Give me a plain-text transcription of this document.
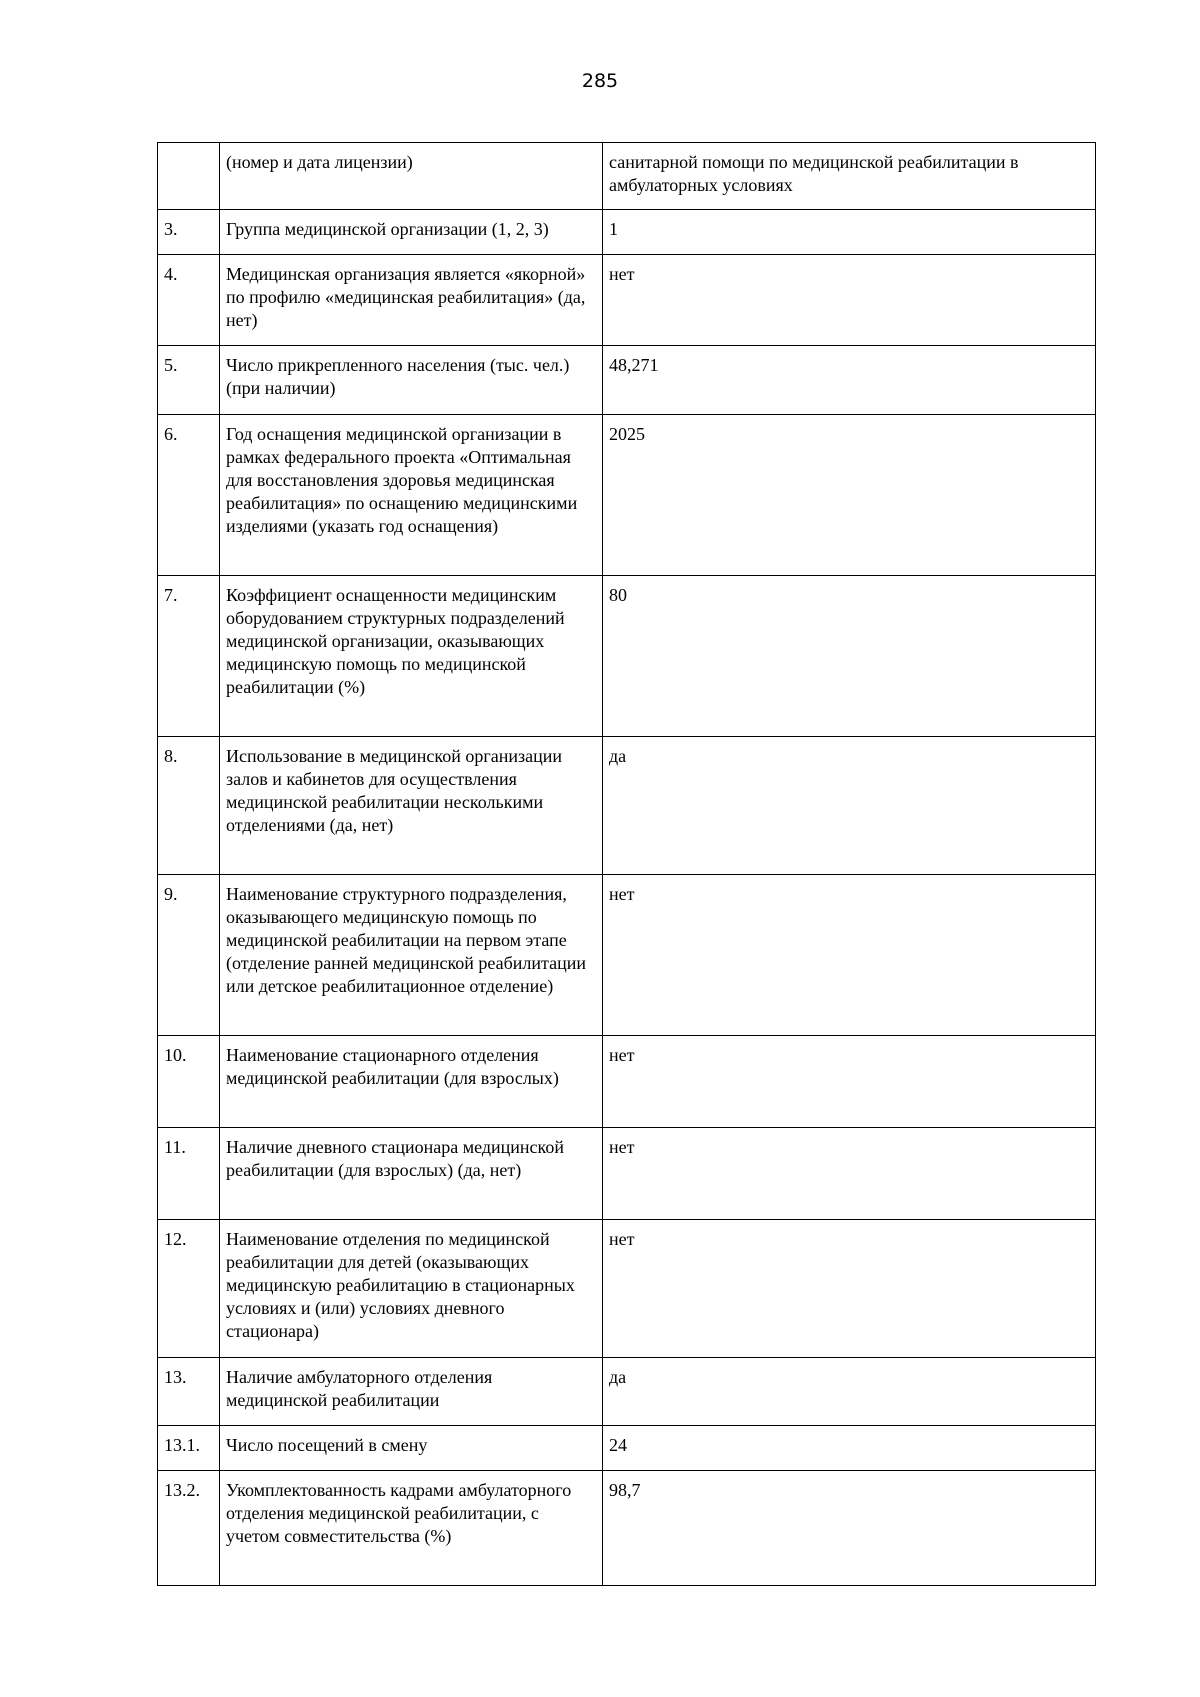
285
	(номер и дата лицензии)	санитарной помощи по медицинской реабилитации в амбулаторных условиях
3.	Группа медицинской организации (1, 2, 3)	1
4.	Медицинская организация является «якорной» по профилю «медицинская реабилитация» (да, нет)	нет
5.	Число прикрепленного населения (тыс. чел.) (при наличии)	48,271
6.	Год оснащения медицинской организации в рамках федерального проекта «Оптимальная для восстановления здоровья медицинская реабилитация» по оснащению медицинскими изделиями (указать год оснащения)	2025
7.	Коэффициент оснащенности медицинским оборудованием структурных подразделений медицинской организации, оказывающих медицинскую помощь по медицинской реабилитации (%)	80
8.	Использование в медицинской организации залов и кабинетов для осуществления медицинской реабилитации несколькими отделениями (да, нет)	да
9.	Наименование структурного подразделения, оказывающего медицинскую помощь по медицинской реабилитации на первом этапе (отделение ранней медицинской реабилитации или детское реабилитационное отделение)	нет
10.	Наименование стационарного отделения медицинской реабилитации (для взрослых)	нет
11.	Наличие дневного стационара медицинской реабилитации (для взрослых) (да, нет)	нет
12.	Наименование отделения по медицинской реабилитации для детей (оказывающих медицинскую реабилитацию в стационарных условиях и (или) условиях дневного стационара)	нет
13.	Наличие амбулаторного отделения медицинской реабилитации	да
13.1.	Число посещений в смену	24
13.2.	Укомплектованность кадрами амбулаторного отделения медицинской реабилитации, с учетом совместительства (%)	98,7
